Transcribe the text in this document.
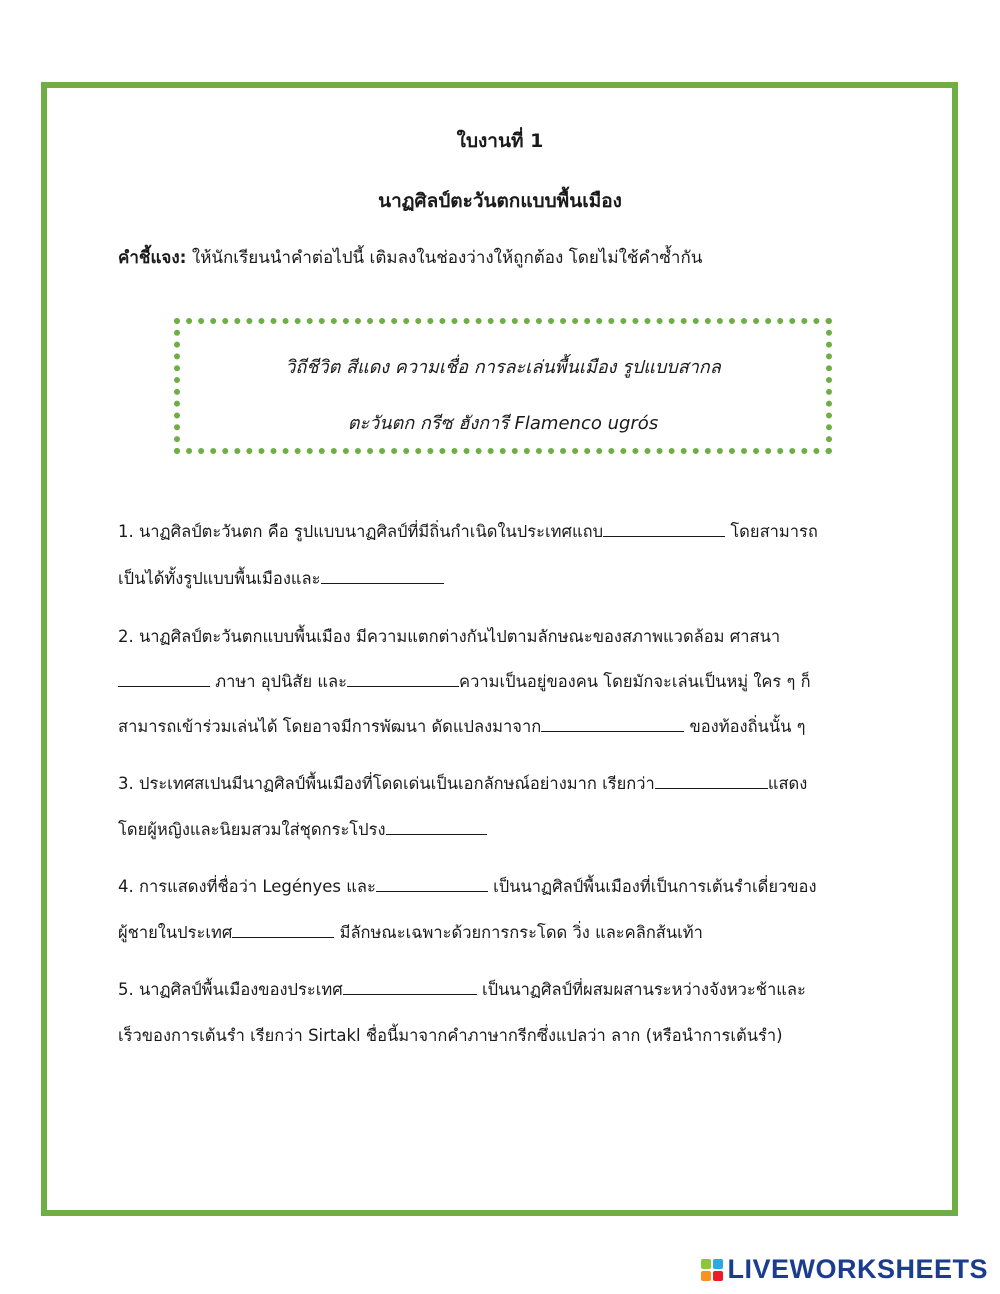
ใบงานที่ 1
นาฏศิลป์ตะวันตกแบบพื้นเมือง
คำชี้แจง: ให้นักเรียนนำคำต่อไปนี้ เติมลงในช่องว่างให้ถูกต้อง โดยไม่ใช้คำซ้ำกัน
วิถีชีวิต สีแดง ความเชื่อ การละเล่นพื้นเมือง รูปแบบสากล
ตะวันตก กรีซ ฮังการี Flamenco ugrós
1. นาฏศิลป์ตะวันตก คือ รูปแบบนาฏศิลป์ที่มีถิ่นกำเนิดในประเทศแถบ	โดยสามารถ
เป็นได้ทั้งรูปแบบพื้นเมืองและ
2. นาฏศิลป์ตะวันตกแบบพื้นเมือง มีความแตกต่างกันไปตามลักษณะของสภาพแวดล้อม ศาสนา
ภาษา อุปนิสัย และ	ความเป็นอยู่ของคน โดยมักจะเล่นเป็นหมู่ ใคร ๆ ก็
สามารถเข้าร่วมเล่นได้ โดยอาจมีการพัฒนา ดัดแปลงมาจาก	ของท้องถิ่นนั้น ๆ
3. ประเทศสเปนมีนาฏศิลป์พื้นเมืองที่โดดเด่นเป็นเอกลักษณ์อย่างมาก เรียกว่า	แสดง
โดยผู้หญิงและนิยมสวมใส่ชุดกระโปรง
4. การแสดงที่ชื่อว่า Legényes และ	เป็นนาฏศิลป์พื้นเมืองที่เป็นการเต้นรำเดี่ยวของ
ผู้ชายในประเทศ	มีลักษณะเฉพาะด้วยการกระโดด วิ่ง และคลิกส้นเท้า
5. นาฏศิลป์พื้นเมืองของประเทศ	เป็นนาฏศิลป์ที่ผสมผสานระหว่างจังหวะช้าและ
เร็วของการเต้นรำ เรียกว่า Sirtakl ชื่อนี้มาจากคำภาษากรีกซึ่งแปลว่า ลาก (หรือนำการเต้นรำ)
LIVEWORKSHEETS
